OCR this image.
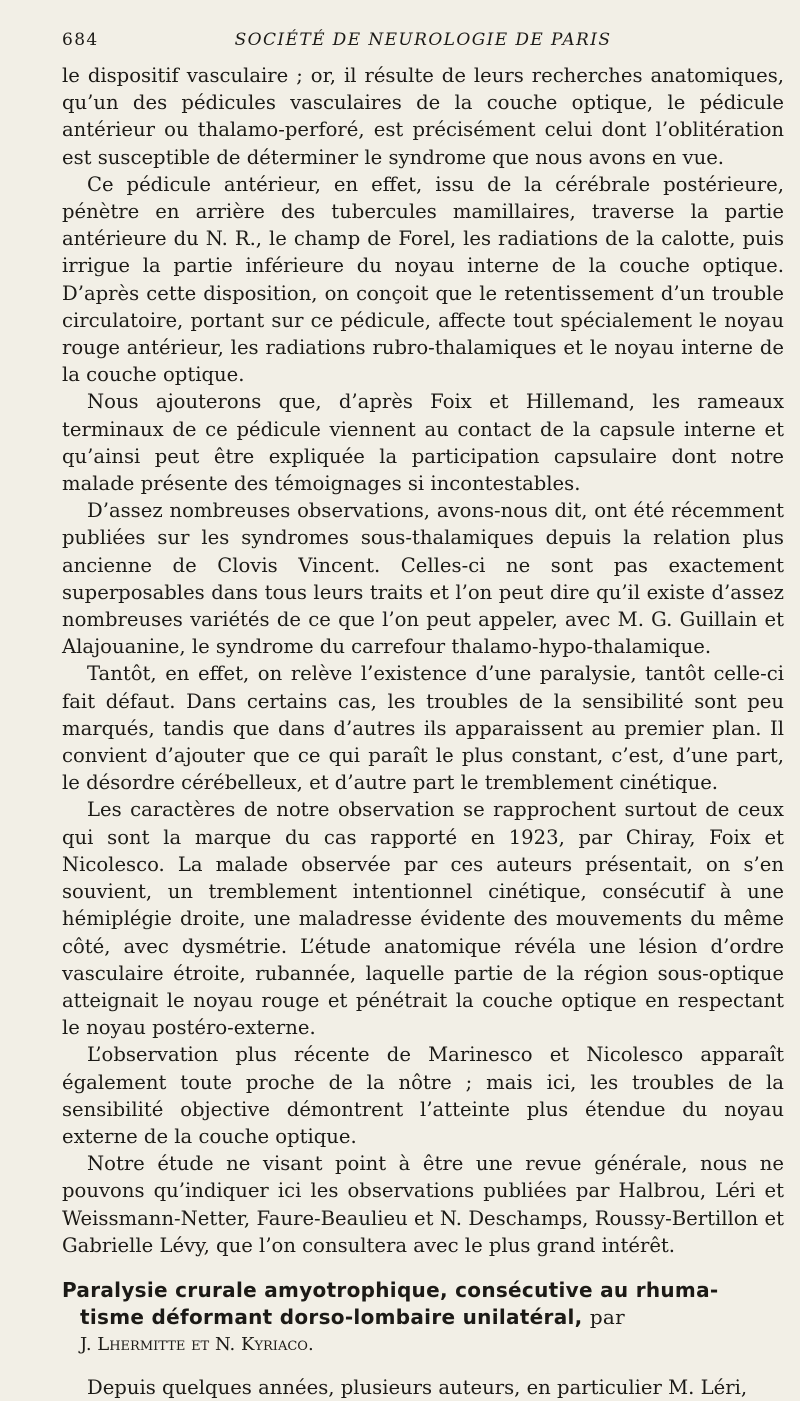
684	SOCIÉTÉ DE NEUROLOGIE DE PARIS

le dispositif vasculaire ; or, il résulte de leurs recherches anatomiques, qu’un des pédicules vasculaires de la couche optique, le pédicule antérieur ou thalamo-perforé, est précisément celui dont l’oblitération est susceptible de déterminer le syndrome que nous avons en vue.

Ce pédicule antérieur, en effet, issu de la cérébrale postérieure, pénètre en arrière des tubercules mamillaires, traverse la partie antérieure du N. R., le champ de Forel, les radiations de la calotte, puis irrigue la partie inférieure du noyau interne de la couche optique. D’après cette disposition, on conçoit que le retentissement d’un trouble circulatoire, portant sur ce pédicule, affecte tout spécialement le noyau rouge antérieur, les radiations rubro-thalamiques et le noyau interne de la couche optique.

Nous ajouterons que, d’après Foix et Hillemand, les rameaux terminaux de ce pédicule viennent au contact de la capsule interne et qu’ainsi peut être expliquée la participation capsulaire dont notre malade présente des témoignages si incontestables.

D’assez nombreuses observations, avons-nous dit, ont été récemment publiées sur les syndromes sous-thalamiques depuis la relation plus ancienne de Clovis Vincent. Celles-ci ne sont pas exactement superposables dans tous leurs traits et l’on peut dire qu’il existe d’assez nombreuses variétés de ce que l’on peut appeler, avec M. G. Guillain et Alajouanine, le syndrome du carrefour thalamo-hypo-thalamique.

Tantôt, en effet, on relève l’existence d’une paralysie, tantôt celle-ci fait défaut. Dans certains cas, les troubles de la sensibilité sont peu marqués, tandis que dans d’autres ils apparaissent au premier plan. Il convient d’ajouter que ce qui paraît le plus constant, c’est, d’une part, le désordre cérébelleux, et d’autre part le tremblement cinétique.

Les caractères de notre observation se rapprochent surtout de ceux qui sont la marque du cas rapporté en 1923, par Chiray, Foix et Nicolesco. La malade observée par ces auteurs présentait, on s’en souvient, un tremblement intentionnel cinétique, consécutif à une hémiplégie droite, une maladresse évidente des mouvements du même côté, avec dysmétrie. L’étude anatomique révéla une lésion d’ordre vasculaire étroite, rubannée, laquelle partie de la région sous-optique atteignait le noyau rouge et pénétrait la couche optique en respectant le noyau postéro-externe.

L’observation plus récente de Marinesco et Nicolesco apparaît également toute proche de la nôtre ; mais ici, les troubles de la sensibilité objective démontrent l’atteinte plus étendue du noyau externe de la couche optique.

Notre étude ne visant point à être une revue générale, nous ne pouvons qu’indiquer ici les observations publiées par Halbrou, Léri et Weissmann-Netter, Faure-Beaulieu et N. Deschamps, Roussy-Bertillon et Gabrielle Lévy, que l’on consultera avec le plus grand intérêt.

Paralysie crurale amyotrophique, consécutive au rhuma-
tisme déformant dorso-lombaire unilatéral, par
J. Lhermitte et N. Kyriaco.

Depuis quelques années, plusieurs auteurs, en particulier M. Léri,
